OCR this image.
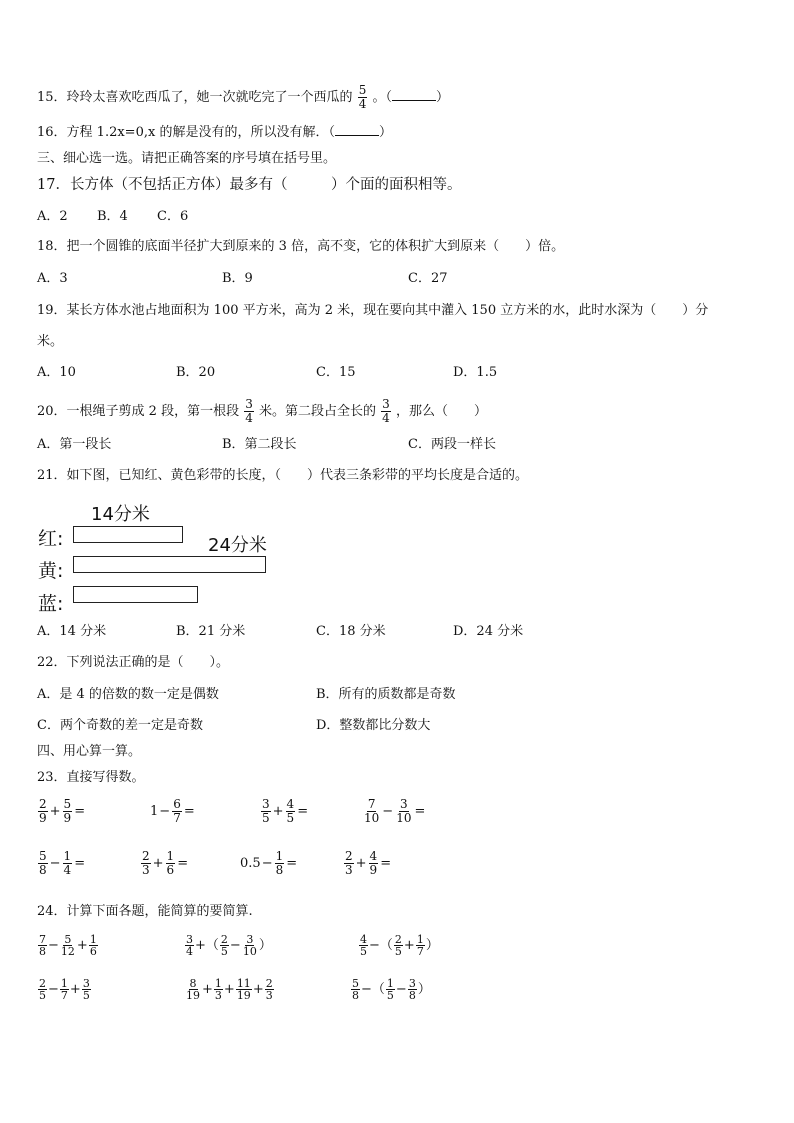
15．玲玲太喜欢吃西瓜了，她一次就吃完了一个西瓜的 $\frac{5}{4}$ 。（	）
16．方程 1.2x=0,x 的解是没有的，所以没有解．（	）
三、细心选一选。请把正确答案的序号填在括号里。
17．长方体（不包括正方体）最多有（　　　）个面的面积相等。
A．2 B．4 C．6
18．把一个圆锥的底面半径扩大到原来的 3 倍，高不变，它的体积扩大到原来（　　）倍。
A．3	B．9	C．27
19．某长方体水池占地面积为 100 平方米，高为 2 米，现在要向其中灌入 150 立方米的水，此时水深为（　　）分
米。
A．10	B．20	C．15	D．1.5
20．一根绳子剪成 2 段，第一根段 $\frac{3}{4}$ 米。第二段占全长的 $\frac{3}{4}$ ，那么（　　）
A．第一段长	B．第二段长	C．两段一样长
21．如下图，已知红、黄色彩带的长度，（　　）代表三条彩带的平均长度是合适的。
14分米
24分米
红:
黄:
蓝:
A．14 分米	B．21 分米	C．18 分米	D．24 分米
22．下列说法正确的是（　　）。
A．是 4 的倍数的数一定是偶数	B．所有的质数都是奇数
C．两个奇数的差一定是奇数	D．整数都比分数大
四、用心算一算。
23．直接写得数。
$\frac{2}{9} + \frac{5}{9}$ =	$1- \frac{6}{7}$ =	$\frac{3}{5} + \frac{4}{5}$ =	$\frac{7}{10} - \frac{3}{10}$ =
$\frac{5}{8} - \frac{1}{4}$ =	$\frac{2}{3} + \frac{1}{6}$ =	$0.5- \frac{1}{8}$ =	$\frac{2}{3} + \frac{4}{9}$ =
24．计算下面各题，能简算的要简算.
$\frac{7}{8} - \frac{5}{12} + \frac{1}{6}$	$\frac{3}{4}$ +（ $\frac{2}{5} - \frac{3}{10}$ ）	$\frac{4}{5}$ −（ $\frac{2}{5} + \frac{1}{7}$ ）
$\frac{2}{5} - \frac{1}{7} + \frac{3}{5}$	$\frac{8}{19} + \frac{1}{3} + \frac{11}{19} + \frac{2}{3}$	$\frac{5}{8}$ −（ $\frac{1}{5} - \frac{3}{8}$ ）
